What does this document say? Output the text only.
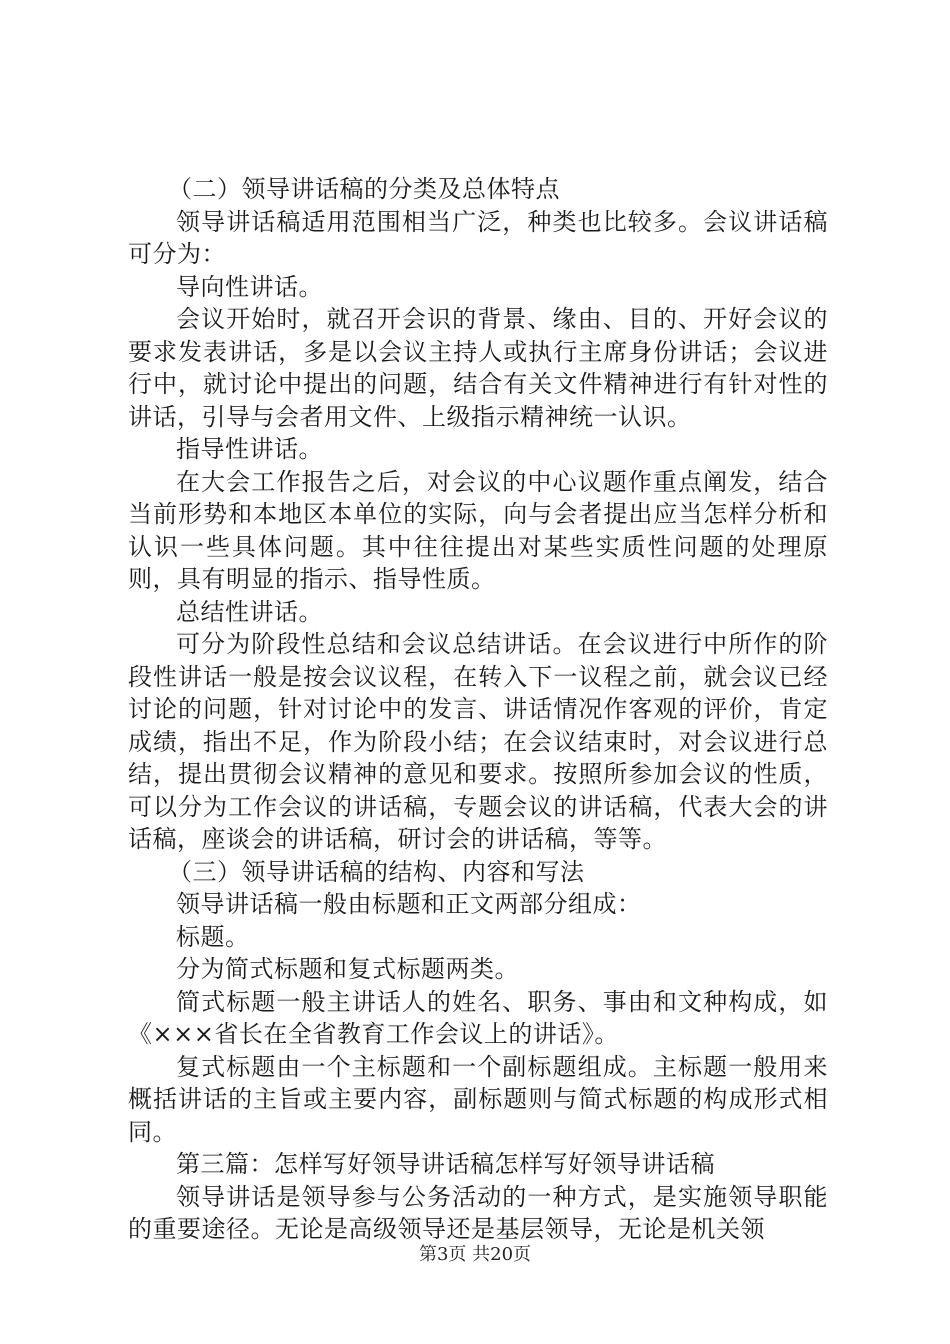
（二）领导讲话稿的分类及总体特点

领导讲话稿适用范围相当广泛，种类也比较多。会议讲话稿可分为：

导向性讲话。

会议开始时，就召开会识的背景、缘由、目的、开好会议的要求发表讲话，多是以会议主持人或执行主席身份讲话；会议进行中，就讨论中提出的问题，结合有关文件精神进行有针对性的讲话，引导与会者用文件、上级指示精神统一认识。

指导性讲话。

在大会工作报告之后，对会议的中心议题作重点阐发，结合当前形势和本地区本单位的实际，向与会者提出应当怎样分析和认识一些具体问题。其中往往提出对某些实质性问题的处理原则，具有明显的指示、指导性质。

总结性讲话。

可分为阶段性总结和会议总结讲话。在会议进行中所作的阶段性讲话一般是按会议议程，在转入下一议程之前，就会议已经讨论的问题，针对讨论中的发言、讲话情况作客观的评价，肯定成绩，指出不足，作为阶段小结；在会议结束时，对会议进行总结，提出贯彻会议精神的意见和要求。按照所参加会议的性质，可以分为工作会议的讲话稿，专题会议的讲话稿，代表大会的讲话稿，座谈会的讲话稿，研讨会的讲话稿，等等。

（三）领导讲话稿的结构、内容和写法

领导讲话稿一般由标题和正文两部分组成：

标题。

分为简式标题和复式标题两类。

简式标题一般主讲话人的姓名、职务、事由和文种构成，如《×××省长在全省教育工作会议上的讲话》。

复式标题由一个主标题和一个副标题组成。主标题一般用来概括讲话的主旨或主要内容，副标题则与简式标题的构成形式相同。

第三篇：怎样写好领导讲话稿怎样写好领导讲话稿

领导讲话是领导参与公务活动的一种方式，是实施领导职能的重要途径。无论是高级领导还是基层领导，无论是机关领

第3页 共20页
